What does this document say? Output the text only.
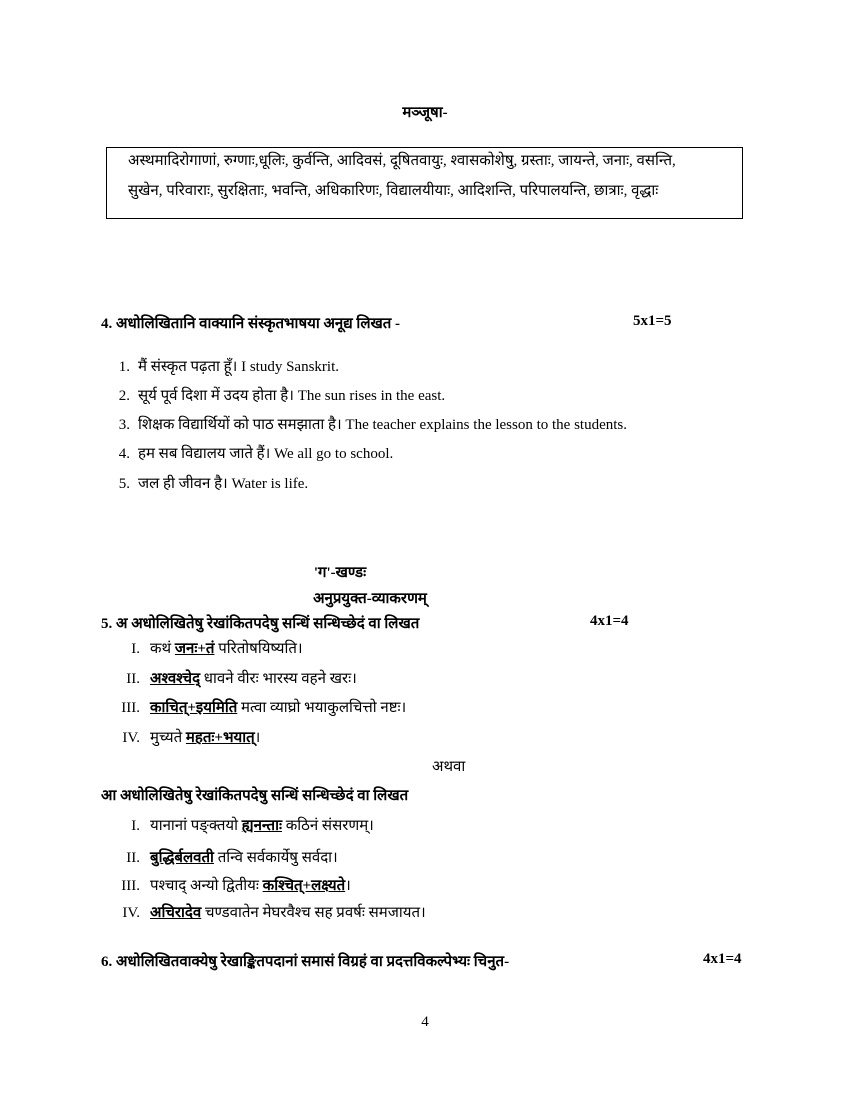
मञ्जूषा-
अस्थमादिरोगाणां, रुग्णाः,धूलिः, कुर्वन्ति, आदिवसं, दूषितवायुः, श्वासकोशेषु, ग्रस्ताः, जायन्ते, जनाः, वसन्ति,
सुखेन, परिवाराः, सुरक्षिताः, भवन्ति, अधिकारिणः, विद्यालयीयाः, आदिशन्ति, परिपालयन्ति, छात्राः, वृद्धाः
4. अधोलिखितानि वाक्यानि संस्कृतभाषया अनूद्य लिखत -	5x1=5
1. मैं संस्कृत पढ़ता हूँ। I study Sanskrit.
2. सूर्य पूर्व दिशा में उदय होता है। The sun rises in the east.
3. शिक्षक विद्यार्थियों को पाठ समझाता है। The teacher explains the lesson to the students.
4. हम सब विद्यालय जाते हैं। We all go to school.
5. जल ही जीवन है। Water is life.
'ग'-खण्डः
अनुप्रयुक्त-व्याकरणम्
5. अ अधोलिखितेषु रेखांकितपदेषु सन्धिं सन्धिच्छेदं वा लिखत	4x1=4
I. कथं जनः+तं परितोषयिष्यति।
II. अश्वश्चेद् धावने वीरः भारस्य वहने खरः।
III. काचित्+इयमिति मत्वा व्याघ्रो भयाकुलचित्तो नष्टः।
IV. मुच्यते महतः+भयात्।
अथवा
आ अधोलिखितेषु रेखांकितपदेषु सन्धिं सन्धिच्छेदं वा लिखत
I. यानानां पङ्क्तयो ह्यनन्ताः कठिनं संसरणम्।
II. बुद्धिर्बलवती तन्वि सर्वकार्येषु सर्वदा।
III. पश्चाद् अन्यो द्वितीयः कश्चित्+लक्ष्यते।
IV. अचिरादेव चण्डवातेन मेघरवैश्च सह प्रवर्षः समजायत।
6. अधोलिखितवाक्येषु रेखाङ्कितपदानां समासं विग्रहं वा प्रदत्तविकल्पेभ्यः चिनुत-	4x1=4
4
